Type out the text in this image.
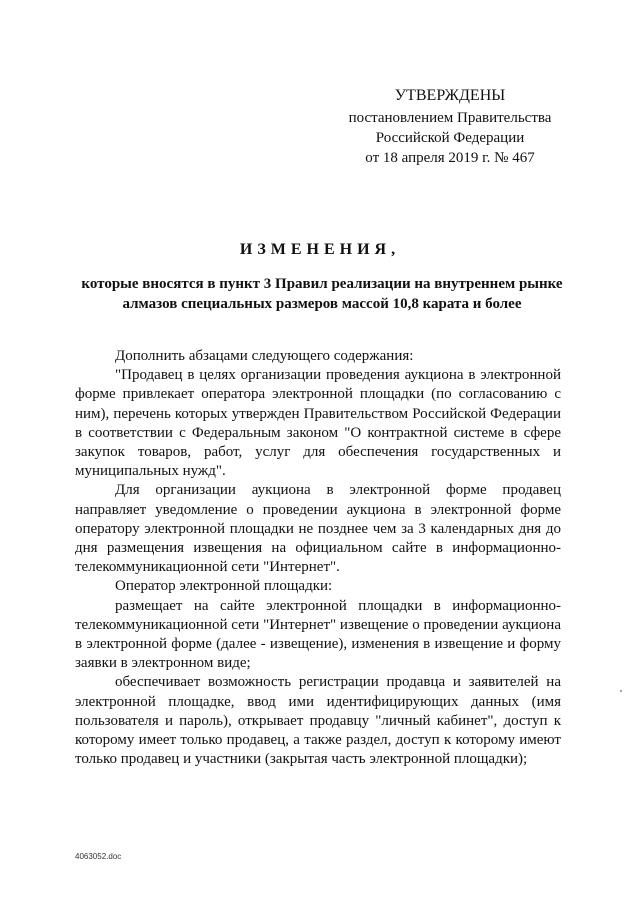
УТВЕРЖДЕНЫ
постановлением Правительства
Российской Федерации
от 18 апреля 2019 г. № 467
ИЗМЕНЕНИЯ,
которые вносятся в пункт 3 Правил реализации на внутреннем рынке алмазов специальных размеров массой 10,8 карата и более

Дополнить абзацами следующего содержания:

"Продавец в целях организации проведения аукциона в электронной форме привлекает оператора электронной площадки (по согласованию с ним), перечень которых утвержден Правительством Российской Федерации в соответствии с Федеральным законом "О контрактной системе в сфере закупок товаров, работ, услуг для обеспечения государственных и муниципальных нужд".

Для организации аукциона в электронной форме продавец направляет уведомление о проведении аукциона в электронной форме оператору электронной площадки не позднее чем за 3 календарных дня до дня размещения извещения на официальном сайте в информационно-телекоммуникационной сети "Интернет".

Оператор электронной площадки:

размещает на сайте электронной площадки в информационно-телекоммуникационной сети "Интернет" извещение о проведении аукциона в электронной форме (далее - извещение), изменения в извещение и форму заявки в электронном виде;

обеспечивает возможность регистрации продавца и заявителей на электронной площадке, ввод ими идентифицирующих данных (имя пользователя и пароль), открывает продавцу "личный кабинет", доступ к которому имеет только продавец, а также раздел, доступ к которому имеют только продавец и участники (закрытая часть электронной площадки);

4063052.doc
